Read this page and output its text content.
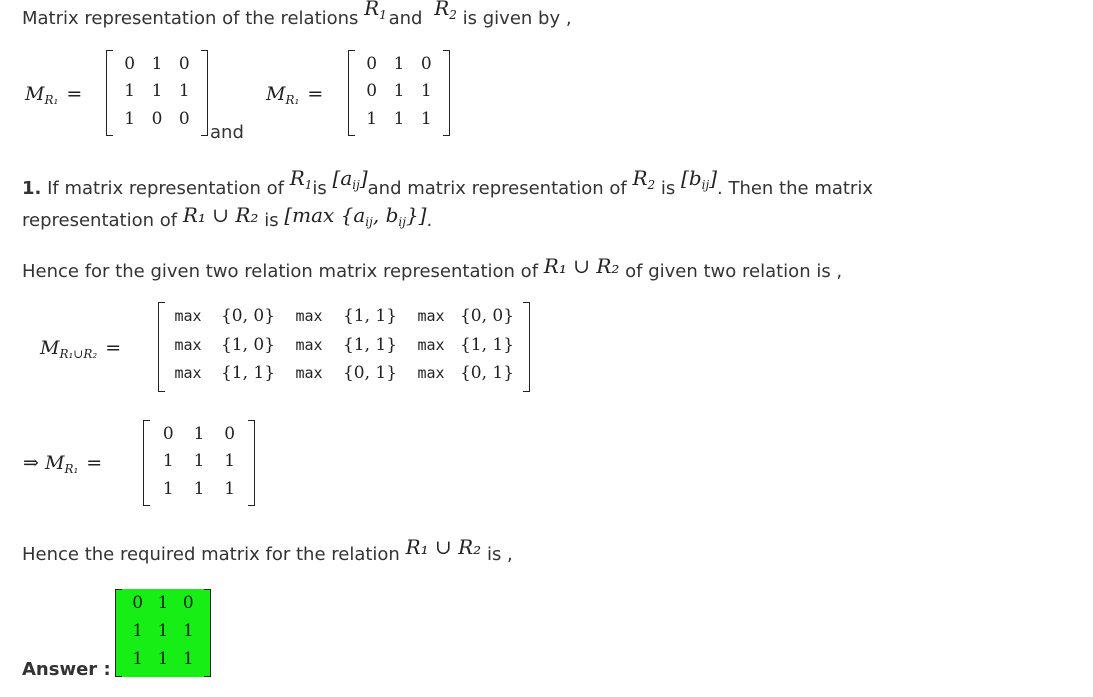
Matrix representation of the relations $R_1$ and $R_2$ is given by ,
$M_{R_1}$ =
0 1 0
1 1 1
1 0 0
and
$M_{R_1}$ =
0 1 0
0 1 1
1 1 1
1. If matrix representation of $R_1is$ $[a_{ij}]and$ matrix representation of $R_2$ is $[b_{ij}]$. Then the matrix
representation of R₁ ∪ R₂ is [max {$a_{ij}$, $b_{ij}$}].
Hence for the given two relation matrix representation of R₁ ∪ R₂ of given two relation is ,
$M_{R_1\cup R_2}$ =
max	{0, 0}	max	{1, 1}	max {0, 0}
max	{1, 0}	max	{1, 1}	max {1, 1}
max	{1, 1}	max	{0, 1}	max {0, 1}
⇒ $M_{R_1}$ =
0	1	0
1	1	1
1	1	1
Hence the required matrix for the relation R₁ ∪ R₂ is ,
Answer :
0 1 0
1 1 1
1 1 1
